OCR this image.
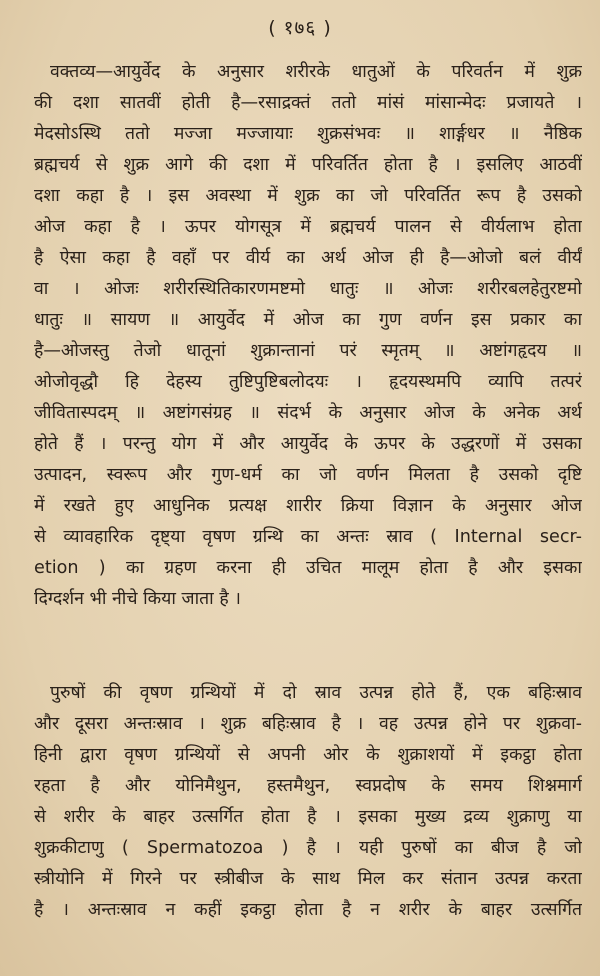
( १७६ )
वक्तव्य—आयुर्वेद के अनुसार शरीरके धातुओं के परिवर्तन में शुक्र
की दशा सातवीं होती है—रसाद्रक्तं ततो मांसं मांसान्मेदः प्रजायते ।
मेदसोऽस्थि ततो मज्जा मज्जायाः शुक्रसंभवः ॥ शार्ङ्गधर ॥ नैष्ठिक
ब्रह्मचर्य से शुक्र आगे की दशा में परिवर्तित होता है । इसलिए आठवीं
दशा कहा है । इस अवस्था में शुक्र का जो परिवर्तित रूप है उसको
ओज कहा है । ऊपर योगसूत्र में ब्रह्मचर्य पालन से वीर्यलाभ होता
है ऐसा कहा है वहाँ पर वीर्य का अर्थ ओज ही है—ओजो बलं वीर्यं
वा । ओजः शरीरस्थितिकारणमष्टमो धातुः ॥ ओजः शरीरबलहेतुरष्टमो
धातुः ॥ सायण ॥ आयुर्वेद में ओज का गुण वर्णन इस प्रकार का
है—ओजस्तु तेजो धातूनां शुक्रान्तानां परं स्मृतम् ॥ अष्टांगहृदय ॥
ओजोवृद्धौ हि देहस्य तुष्टिपुष्टिबलोदयः । हृदयस्थमपि व्यापि तत्परं
जीवितास्पदम् ॥ अष्टांगसंग्रह ॥ संदर्भ के अनुसार ओज के अनेक अर्थ
होते हैं । परन्तु योग में और आयुर्वेद के ऊपर के उद्धरणों में उसका
उत्पादन, स्वरूप और गुण-धर्म का जो वर्णन मिलता है उसको दृष्टि
में रखते हुए आधुनिक प्रत्यक्ष शारीर क्रिया विज्ञान के अनुसार ओज
से व्यावहारिक दृष्ट्या वृषण ग्रन्थि का अन्तः स्राव ( Internal secr-
etion ) का ग्रहण करना ही उचित मालूम होता है और इसका
दिग्दर्शन भी नीचे किया जाता है ।
पुरुषों की वृषण ग्रन्थियों में दो स्राव उत्पन्न होते हैं, एक बहिःस्राव
और दूसरा अन्तःस्राव । शुक्र बहिःस्राव है । वह उत्पन्न होने पर शुक्रवा-
हिनी द्वारा वृषण ग्रन्थियों से अपनी ओर के शुक्राशयों में इकट्ठा होता
रहता है और योनिमैथुन, हस्तमैथुन, स्वप्नदोष के समय शिश्नमार्ग
से शरीर के बाहर उत्सर्गित होता है । इसका मुख्य द्रव्य शुक्राणु या
शुक्रकीटाणु ( Spermatozoa ) है । यही पुरुषों का बीज है जो
स्त्रीयोनि में गिरने पर स्त्रीबीज के साथ मिल कर संतान उत्पन्न करता
है । अन्तःस्राव न कहीं इकट्ठा होता है न शरीर के बाहर उत्सर्गित
